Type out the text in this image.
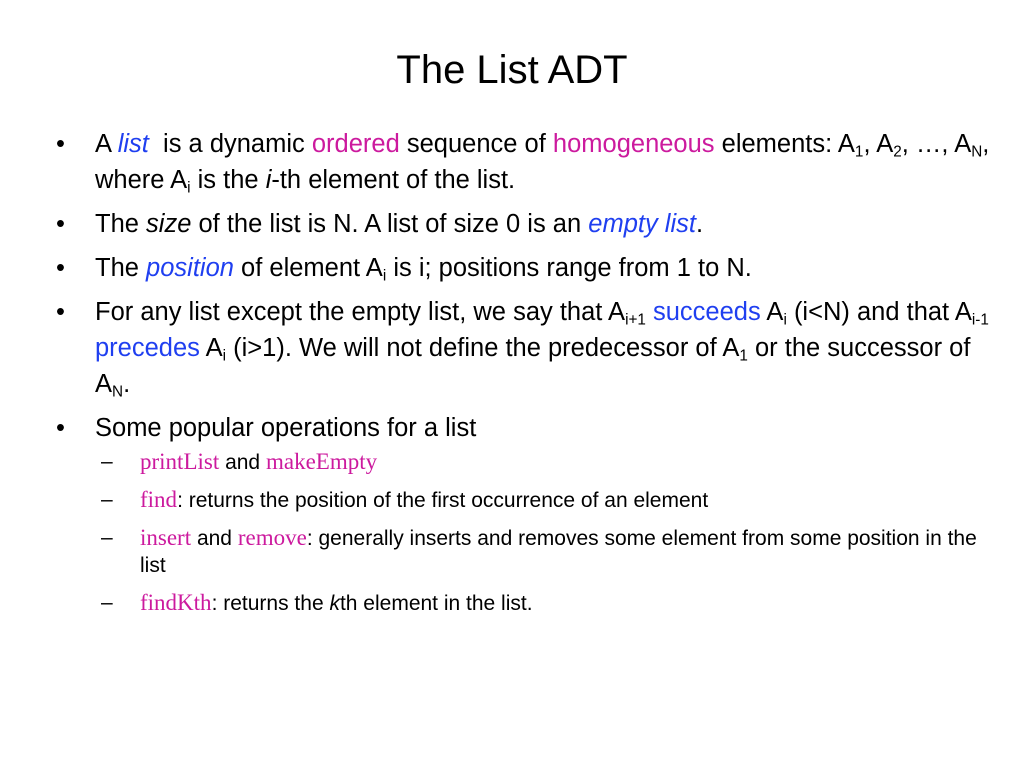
The List ADT
• A list is a dynamic ordered sequence of homogeneous elements: $A_1$, $A_2$, …, $A_N$, where $A_i$ is the i-th element of the list.
• The size of the list is N. A list of size 0 is an empty list.
• The position of element $A_i$ is i; positions range from 1 to N.
• For any list except the empty list, we say that $A_{i+1}$ succeeds $A_i$ (i<N) and that $A_{i-1}$ precedes $A_i$ (i>1). We will not define the predecessor of $A_1$ or the successor of $A_N$.
• Some popular operations for a list
– printList and makeEmpty
– find: returns the position of the first occurrence of an element
– insert and remove: generally inserts and removes some element from some position in the list
– findKth: returns the kth element in the list.
